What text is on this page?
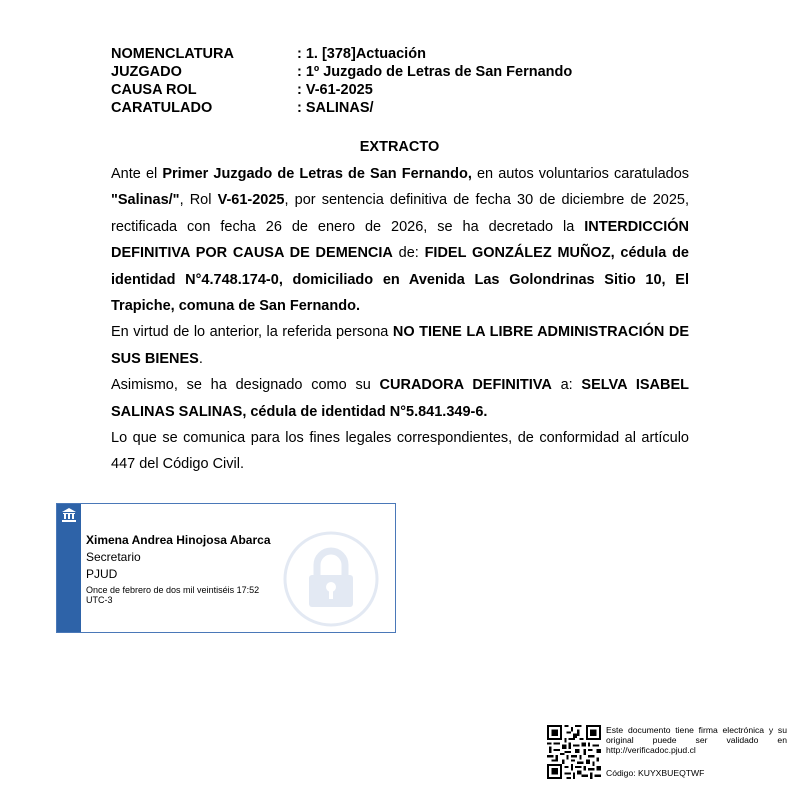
NOMENCLATURA	: 1. [378]Actuación
JUZGADO	: 1º Juzgado de Letras de San Fernando
CAUSA ROL	: V-61-2025
CARATULADO	: SALINAS/
EXTRACTO

Ante el Primer Juzgado de Letras de San Fernando, en autos voluntarios caratulados "Salinas/", Rol V-61-2025, por sentencia definitiva de fecha 30 de diciembre de 2025, rectificada con fecha 26 de enero de 2026, se ha decretado la INTERDICCIÓN DEFINITIVA POR CAUSA DE DEMENCIA de: FIDEL GONZÁLEZ MUÑOZ, cédula de identidad N°4.748.174-0, domiciliado en Avenida Las Golondrinas Sitio 10, El Trapiche, comuna de San Fernando.

En virtud de lo anterior, la referida persona NO TIENE LA LIBRE ADMINISTRACIÓN DE SUS BIENES.

Asimismo, se ha designado como su CURADORA DEFINITIVA a: SELVA ISABEL SALINAS SALINAS, cédula de identidad N°5.841.349-6.

Lo que se comunica para los fines legales correspondientes, de conformidad al artículo 447 del Código Civil.

Ximena Andrea Hinojosa Abarca
Secretario
PJUD
Once de febrero de dos mil veintiséis 17:52 UTC-3
Este documento tiene firma electrónica y su original puede ser validado en http://verificadoc.pjud.cl
Código: KUYXBUEQTWF
